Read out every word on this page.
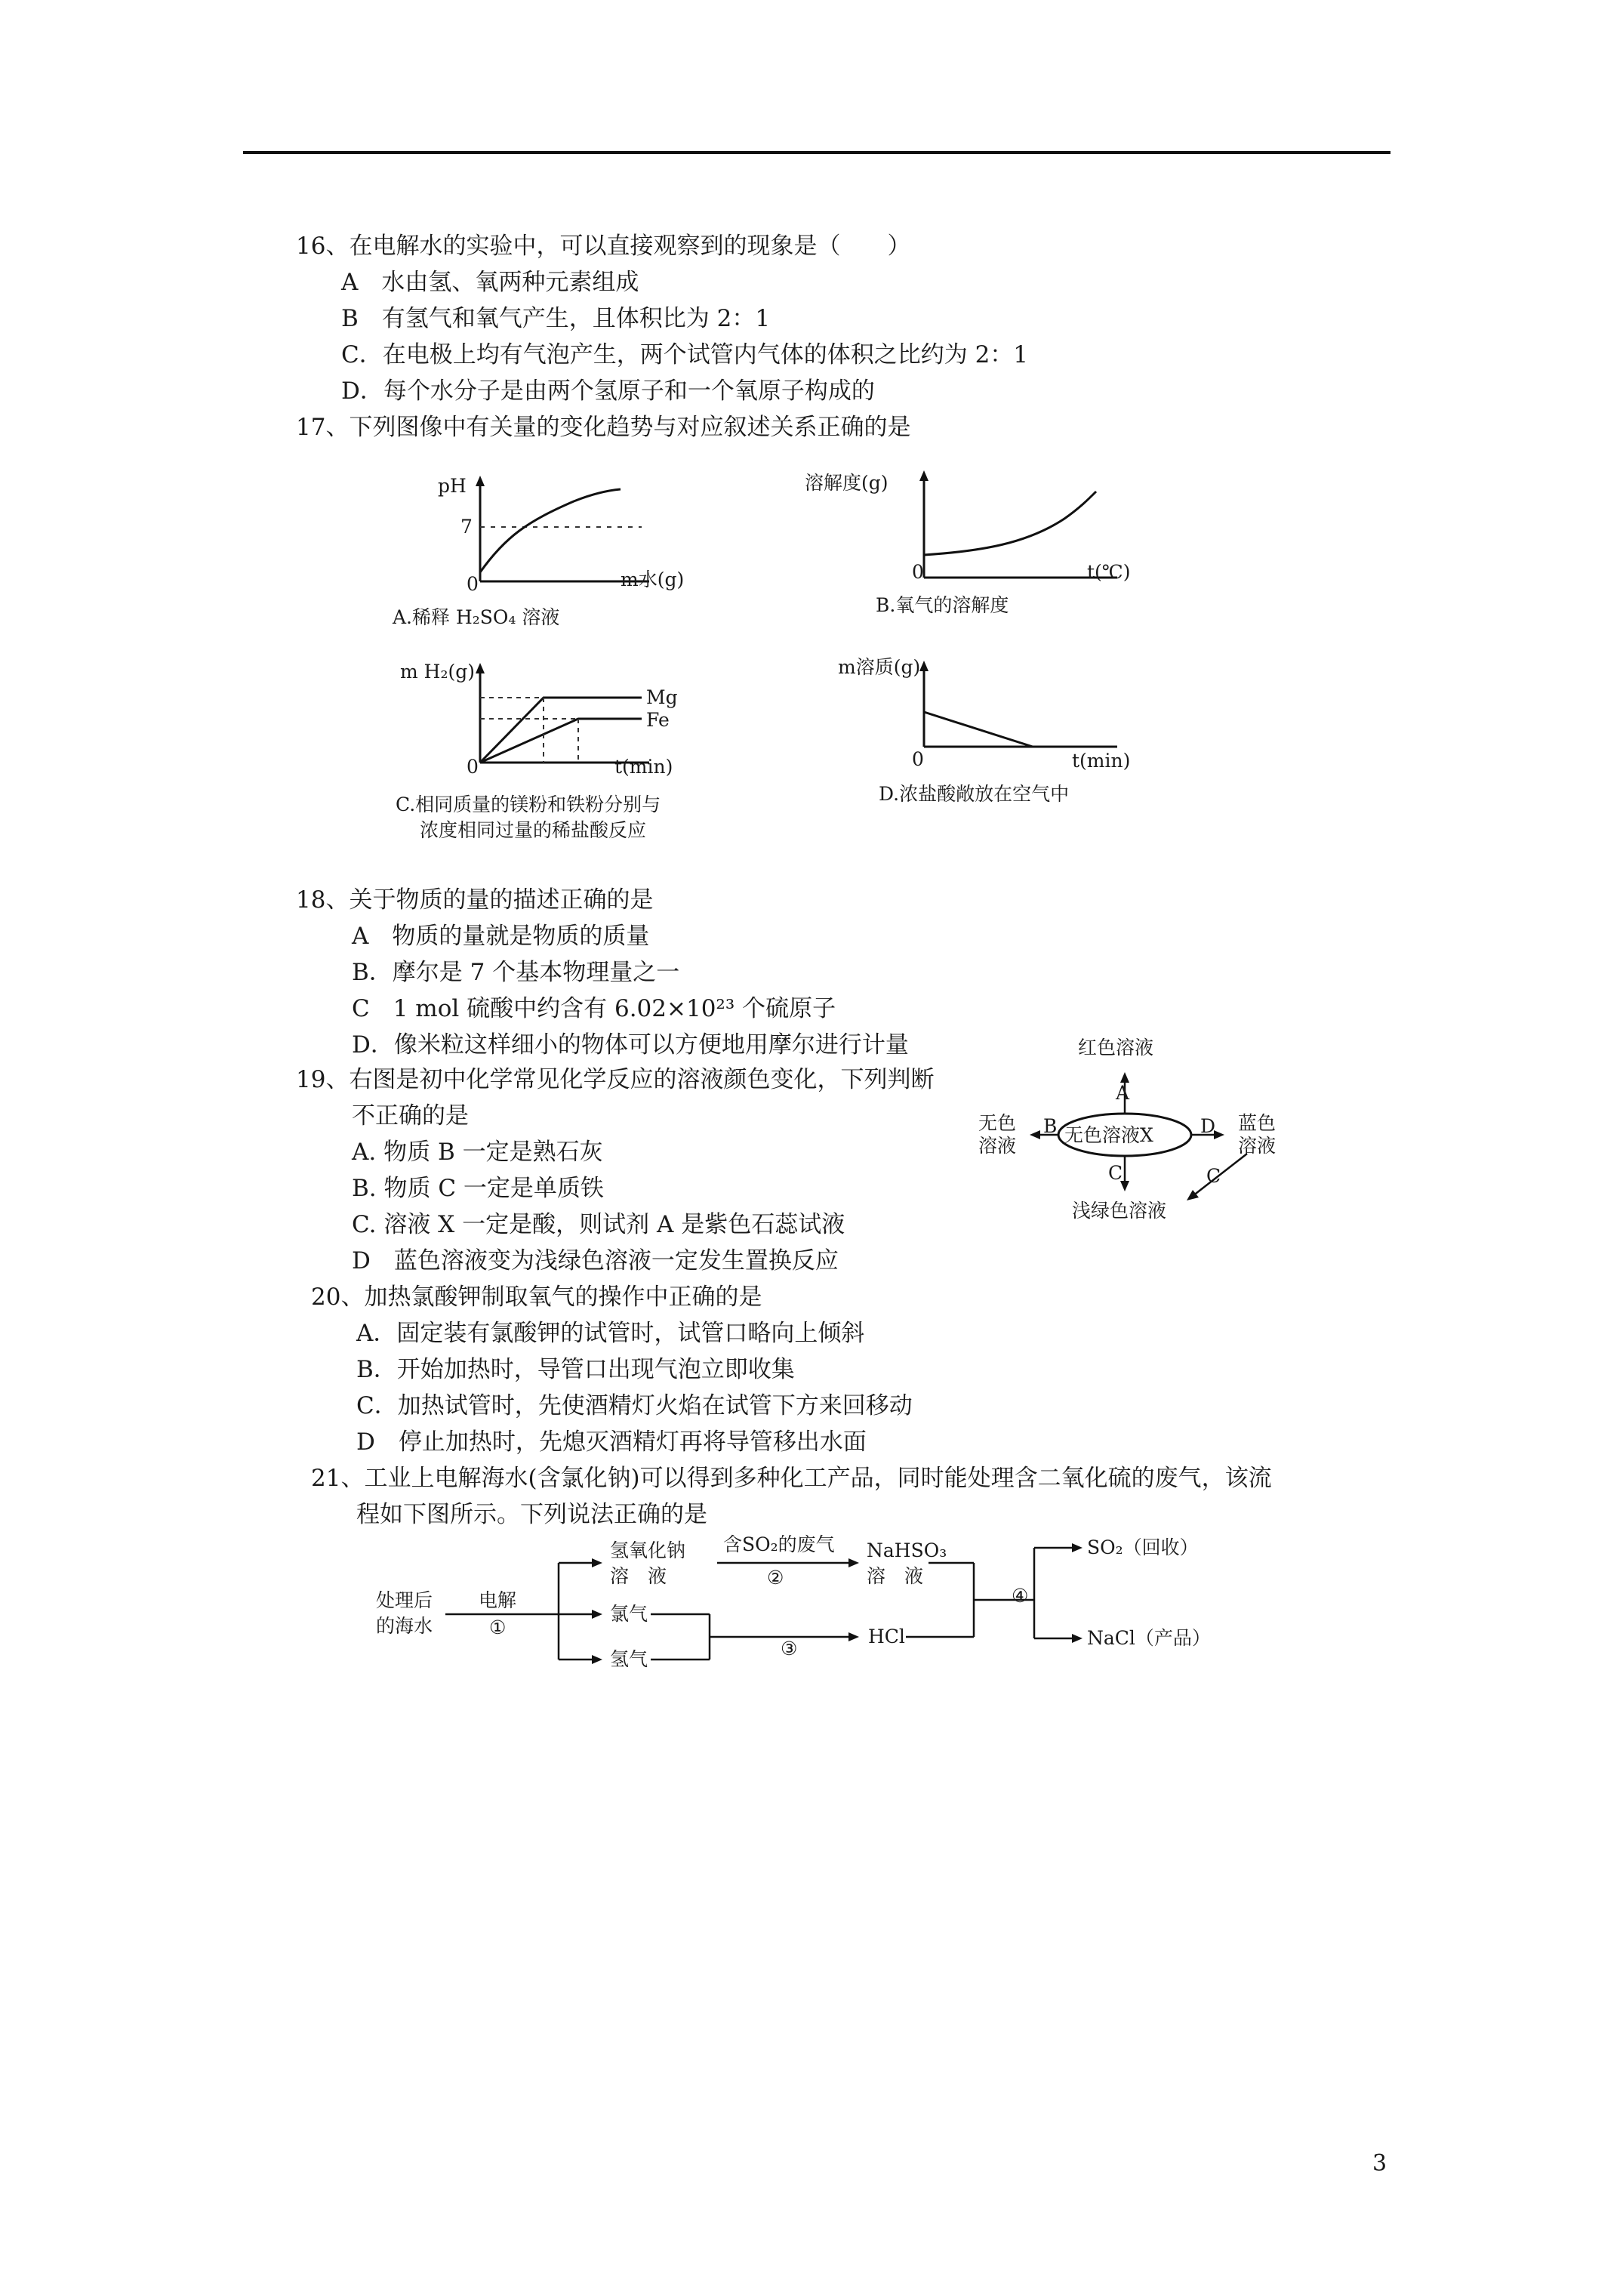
16、在电解水的实验中，可以直接观察到的现象是（　　）
A　水由氢、氧两种元素组成
B　有氢气和氧气产生，且体积比为 2：1
C．在电极上均有气泡产生，两个试管内气体的体积之比约为 2：1
D．每个水分子是由两个氢原子和一个氧原子构成的
17、下列图像中有关量的变化趋势与对应叙述关系正确的是
pH
7
0	m水(g)
A.稀释 H₂SO₄ 溶液
溶解度(g)
0	t(℃)
B.氧气的溶解度
m H₂(g)
Mg
Fe
0	t(min)
C.相同质量的镁粉和铁粉分别与
浓度相同过量的稀盐酸反应
m溶质(g)
0	t(min)
D.浓盐酸敞放在空气中
18、关于物质的量的描述正确的是
A　物质的量就是物质的质量
B．摩尔是 7 个基本物理量之一
C　1 mol 硫酸中约含有 6.02×10²³ 个硫原子
D．像米粒这样细小的物体可以方便地用摩尔进行计量
19、右图是初中化学常见化学反应的溶液颜色变化，下列判断
不正确的是
A. 物质 B 一定是熟石灰
B. 物质 C 一定是单质铁
C. 溶液 X 一定是酸，则试剂 A 是紫色石蕊试液
D　蓝色溶液变为浅绿色溶液一定发生置换反应
红色溶液
A
无色
溶液
B 无色溶液X D 蓝色
溶液
C	C
浅绿色溶液
20、加热氯酸钾制取氧气的操作中正确的是
A．固定装有氯酸钾的试管时，试管口略向上倾斜
B．开始加热时，导管口出现气泡立即收集
C．加热试管时，先使酒精灯火焰在试管下方来回移动
D　停止加热时，先熄灭酒精灯再将导管移出水面
21、工业上电解海水(含氯化钠)可以得到多种化工产品，同时能处理含二氧化硫的废气，该流
程如下图所示。下列说法正确的是
处理后
的海水
电解
①
氢氧化钠
溶　液
含SO₂的废气
②
NaHSO₃
溶　液
氯气
氢气	③
HCl
④
SO₂（回收）
NaCl（产品）
3
